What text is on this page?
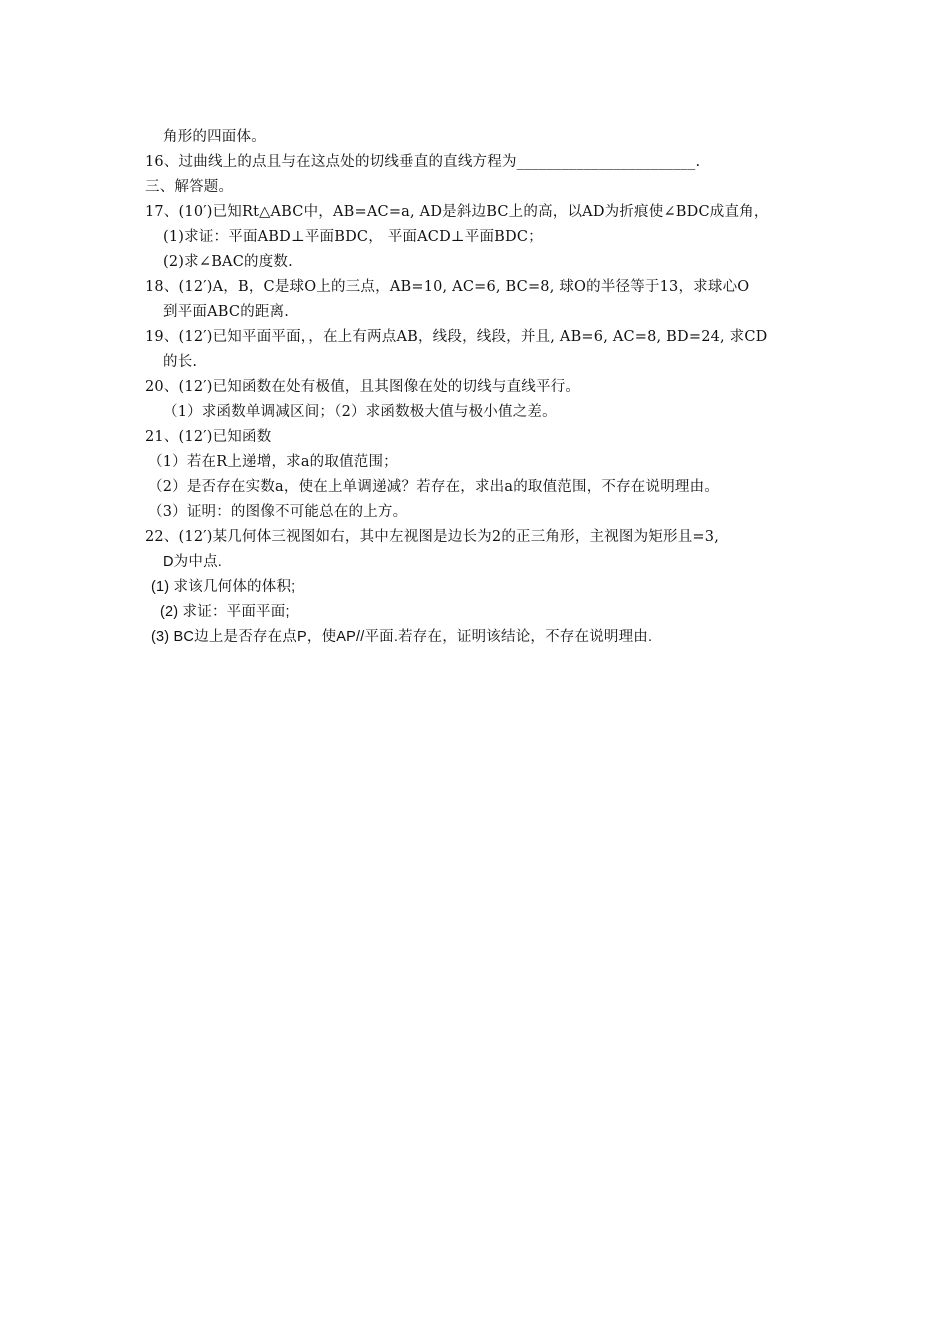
角形的四面体。
16、过曲线上的点且与在这点处的切线垂直的直线方程为________________________.
三、解答题。
17、(10′)已知Rt△ABC中，AB=AC=a, AD是斜边BC上的高，以AD为折痕使∠BDC成直角，
(1)求证：平面ABD⊥平面BDC， 平面ACD⊥平面BDC；
(2)求∠BAC的度数.
18、(12′)A，B，C是球O上的三点，AB=10, AC=6, BC=8, 球O的半径等于13，求球心O
到平面ABC的距离.
19、(12′)已知平面平面，，在上有两点AB，线段，线段，并且, AB=6, AC=8, BD=24, 求CD
的长.
20、(12′)已知函数在处有极值，且其图像在处的切线与直线平行。
（1）求函数单调减区间；（2）求函数极大值与极小值之差。
21、(12′)已知函数
（1）若在R上递增，求a的取值范围；
（2）是否存在实数a，使在上单调递减？若存在，求出a的取值范围，不存在说明理由。
（3）证明：的图像不可能总在的上方。
22、(12′)某几何体三视图如右，其中左视图是边长为2的正三角形，主视图为矩形且=3,
D为中点.
(1) 求该几何体的体积;
(2) 求证：平面平面;
(3) BC边上是否存在点P，使AP//平面.若存在，证明该结论，不存在说明理由.
